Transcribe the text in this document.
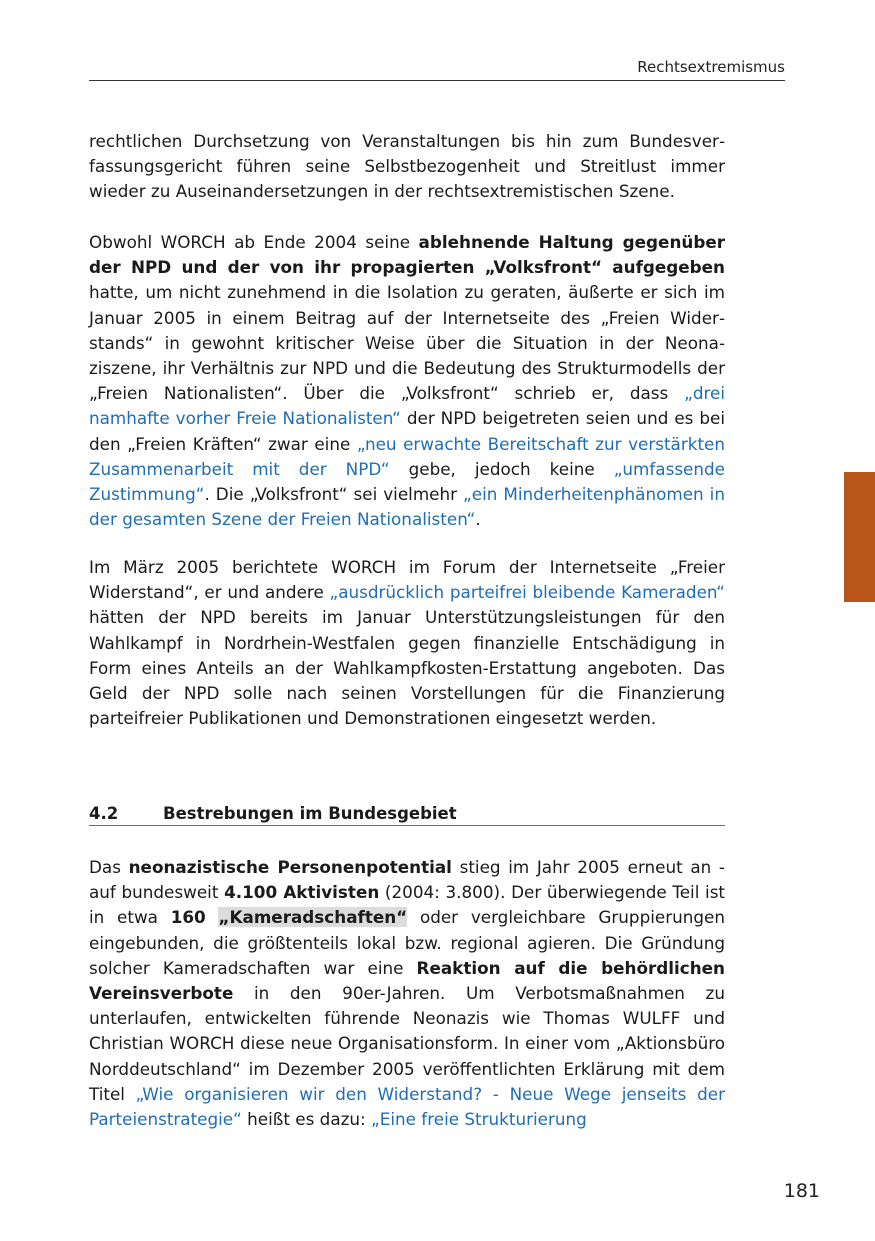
Rechtsextremismus

rechtlichen Durchsetzung von Veranstaltungen bis hin zum Bundesverfassungsgericht führen seine Selbstbezogenheit und Streitlust immer wieder zu Auseinandersetzungen in der rechtsextremistischen Szene.

Obwohl WORCH ab Ende 2004 seine ablehnende Haltung gegenüber der NPD und der von ihr propagierten „Volksfront“ aufgegeben hatte, um nicht zunehmend in die Isolation zu geraten, äußerte er sich im Januar 2005 in einem Beitrag auf der Internetseite des „Freien Widerstands“ in gewohnt kritischer Weise über die Situation in der Neonaziszene, ihr Verhältnis zur NPD und die Bedeutung des Strukturmodells der „Freien Nationalisten“. Über die „Volksfront“ schrieb er, dass „drei namhafte vorher Freie Nationalisten“ der NPD beigetreten seien und es bei den „Freien Kräften“ zwar eine „neu erwachte Bereitschaft zur verstärkten Zusammenarbeit mit der NPD“ gebe, jedoch keine „umfassende Zustimmung“. Die „Volksfront“ sei vielmehr „ein Minderheitenphänomen in der gesamten Szene der Freien Nationalisten“.

Im März 2005 berichtete WORCH im Forum der Internetseite „Freier Widerstand“, er und andere „ausdrücklich parteifrei bleibende Kameraden“ hätten der NPD bereits im Januar Unterstützungsleistungen für den Wahlkampf in Nordrhein-Westfalen gegen finanzielle Entschädigung in Form eines Anteils an der Wahlkampfkosten-Erstattung angeboten. Das Geld der NPD solle nach seinen Vorstellungen für die Finanzierung parteifreier Publikationen und Demonstrationen eingesetzt werden.

4.2	Bestrebungen im Bundesgebiet

Das neonazistische Personenpotential stieg im Jahr 2005 erneut an - auf bundesweit 4.100 Aktivisten (2004: 3.800). Der überwiegende Teil ist in etwa 160 „Kameradschaften“ oder vergleichbare Gruppierungen eingebunden, die größtenteils lokal bzw. regional agieren. Die Gründung solcher Kameradschaften war eine Reaktion auf die behördlichen Vereinsverbote in den 90er-Jahren. Um Verbotsmaßnahmen zu unterlaufen, entwickelten führende Neonazis wie Thomas WULFF und Christian WORCH diese neue Organisationsform. In einer vom „Aktionsbüro Norddeutschland“ im Dezember 2005 veröffentlichten Erklärung mit dem Titel „Wie organisieren wir den Widerstand? - Neue Wege jenseits der Parteienstrategie“ heißt es dazu: „Eine freie Strukturierung

181
